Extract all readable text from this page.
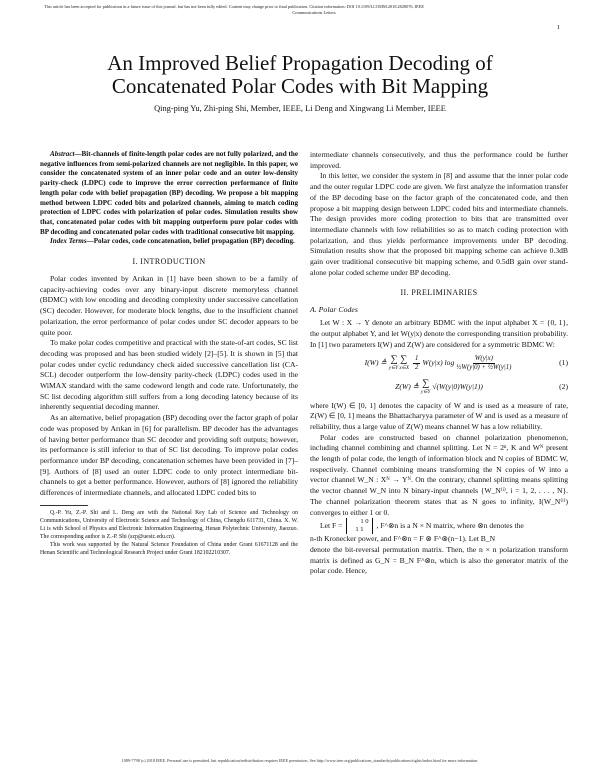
This article has been accepted for publication in a future issue of this journal, but has not been fully edited. Content may change prior to final publication. Citation information: DOI 10.1109/LCOMM.2018.2828076, IEEE
Communications Letters
1
An Improved Belief Propagation Decoding of
Concatenated Polar Codes with Bit Mapping
Qing-ping Yu, Zhi-ping Shi, Member, IEEE, Li Deng and Xingwang Li Member, IEEE

Abstract—Bit-channels of finite-length polar codes are not fully polarized, and the negative influences from semi-polarized channels are not negligible. In this paper, we consider the concatenated system of an inner polar code and an outer low-density parity-check (LDPC) code to improve the error correction performance of finite length polar code with belief propagation (BP) decoding. We propose a bit mapping method between LDPC coded bits and polarized channels, aiming to match coding protection of LDPC codes with polarization of polar codes. Simulation results show that, concatenated polar codes with bit mapping outperform pure polar codes with BP decoding and concatenated polar codes with traditional consecutive bit mapping.

Index Terms—Polar codes, code concatenation, belief propagation (BP) decoding.

I. INTRODUCTION

Polar codes invented by Arıkan in [1] have been shown to be a family of capacity-achieving codes over any binary-input discrete memoryless channel (BDMC) with low encoding and decoding complexity under successive cancellation (SC) decoder. However, for moderate block lengths, due to the insufficient channel polarization, the error performance of polar codes under SC decoder appears to be quite poor.

To make polar codes competitive and practical with the state-of-art codes, SC list decoding was proposed and has been studied widely [2]–[5]. It is shown in [5] that polar codes under cyclic redundancy check aided successive cancellation list (CA-SCL) decoder outperform the low-density parity-check (LDPC) codes used in the WiMAX standard with the same codeword length and code rate. Unfortunately, the SC list decoding algorithm still suffers from a long decoding latency because of its inherently sequential decoding manner.

As an alternative, belief propagation (BP) decoding over the factor graph of polar code was proposed by Arıkan in [6] for parallelism. BP decoder has the advantages of having better performance than SC decoder and providing soft outputs; however, its performance is still inferior to that of SC list decoding. To improve polar codes performance under BP decoding, concatenation schemes have been provided in [7]–[9]. Authors of [8] used an outer LDPC code to only protect intermediate bit-channels to get a better performance. However, authors of [8] ignored the reliability differences of intermediate channels, and allocated LDPC coded bits to

Q.-P. Yu, Z.-P. Shi and L. Deng are with the National Key Lab of Science and Technology on Communications, University of Electronic Science and Technology of China, Chengdu 611731, China. X. W. Li is with School of Physics and Electronic Information Engineering, Henan Polytechnic University, Jiaozuo. The corresponding author is Z.-P. Shi (szp@uestc.edu.cn).

This work was supported by the Natural Science Foundation of China under Grant 61671128 and the Henan Scientific and Technological Research Project under Grant 182102210307.

intermediate channels consecutively, and thus the performance could be further improved.

In this letter, we consider the system in [8] and assume that the inner polar code and the outer regular LDPC code are given. We first analyze the information transfer of the BP decoding base on the factor graph of the concatenated code, and then propose a bit mapping design between LDPC coded bits and intermediate channels. The design provides more coding protection to bits that are transmitted over intermediate channels with low reliabilities so as to match coding protection with polarization, and thus yields performance improvements under BP decoding. Simulation results show that the proposed bit mapping scheme can achieve 0.3dB gain over traditional consecutive bit mapping scheme, and 0.5dB gain over stand-alone polar coded scheme under BP decoding.

II. PRELIMINARIES
A. Polar Codes

Let W : X → Y denote an arbitrary BDMC with the input alphabet X = {0, 1}, the output alphabet Y, and let W(y|x) denote the corresponding transition probability. In [1] two parameters I(W) and Z(W) are considered for a symmetric BDMC W:

I(W) ≜ ∑ ∑
y∈Y x∈X $\frac{1}{2} W(y|x)$ $\log \frac{W(y|x)}{\text{½W(y|0) + ½W(y|1)}}$	(1)
Z(W) ≜ ∑
y∈Y
√(W(y|0)W(y|1))	(2)

where I(W) ∈ [0, 1] denotes the capacity of W and is used as a measure of rate, Z(W) ∈ [0, 1] means the Bhattacharyya parameter of W and is used as a measure of reliability, thus a large value of Z(W) means channel W has a low reliability.

Polar codes are constructed based on channel polarization phenomenon, including channel combining and channel splitting. Let N = 2ⁿ, K and Wᴺ present the length of polar code, the length of information block and N copies of BDMC W, respectively. Channel combining means transforming the N copies of W into a vector channel W_N : Xᴺ → Yᴺ. On the contrary, channel splitting means splitting the vector channel W_N into N binary-input channels {W_N⁽ⁱ⁾, i = 1, 2, . . . , N}. The channel polarization theorem states that as N goes to infinity, I(W_N⁽ⁱ⁾) converges to either 1 or 0.

Let F =	1 0
1 1 , F^⊗n is a N × N matrix, where ⊗n denotes the

n-th Kronecker power, and F^⊗n = F ⊗ F^⊗(n−1). Let B_N

denote the bit-reversal permutation matrix. Then, the n × n polarization transform matrix is defined as G_N = B_N F^⊗n, which is also the generator matrix of the polar code. Hence,

1089-7798 (c) 2018 IEEE. Personal use is permitted, but republication/redistribution requires IEEE permission. See http://www.ieee.org/publications_standards/publications/rights/index.html for more information.
